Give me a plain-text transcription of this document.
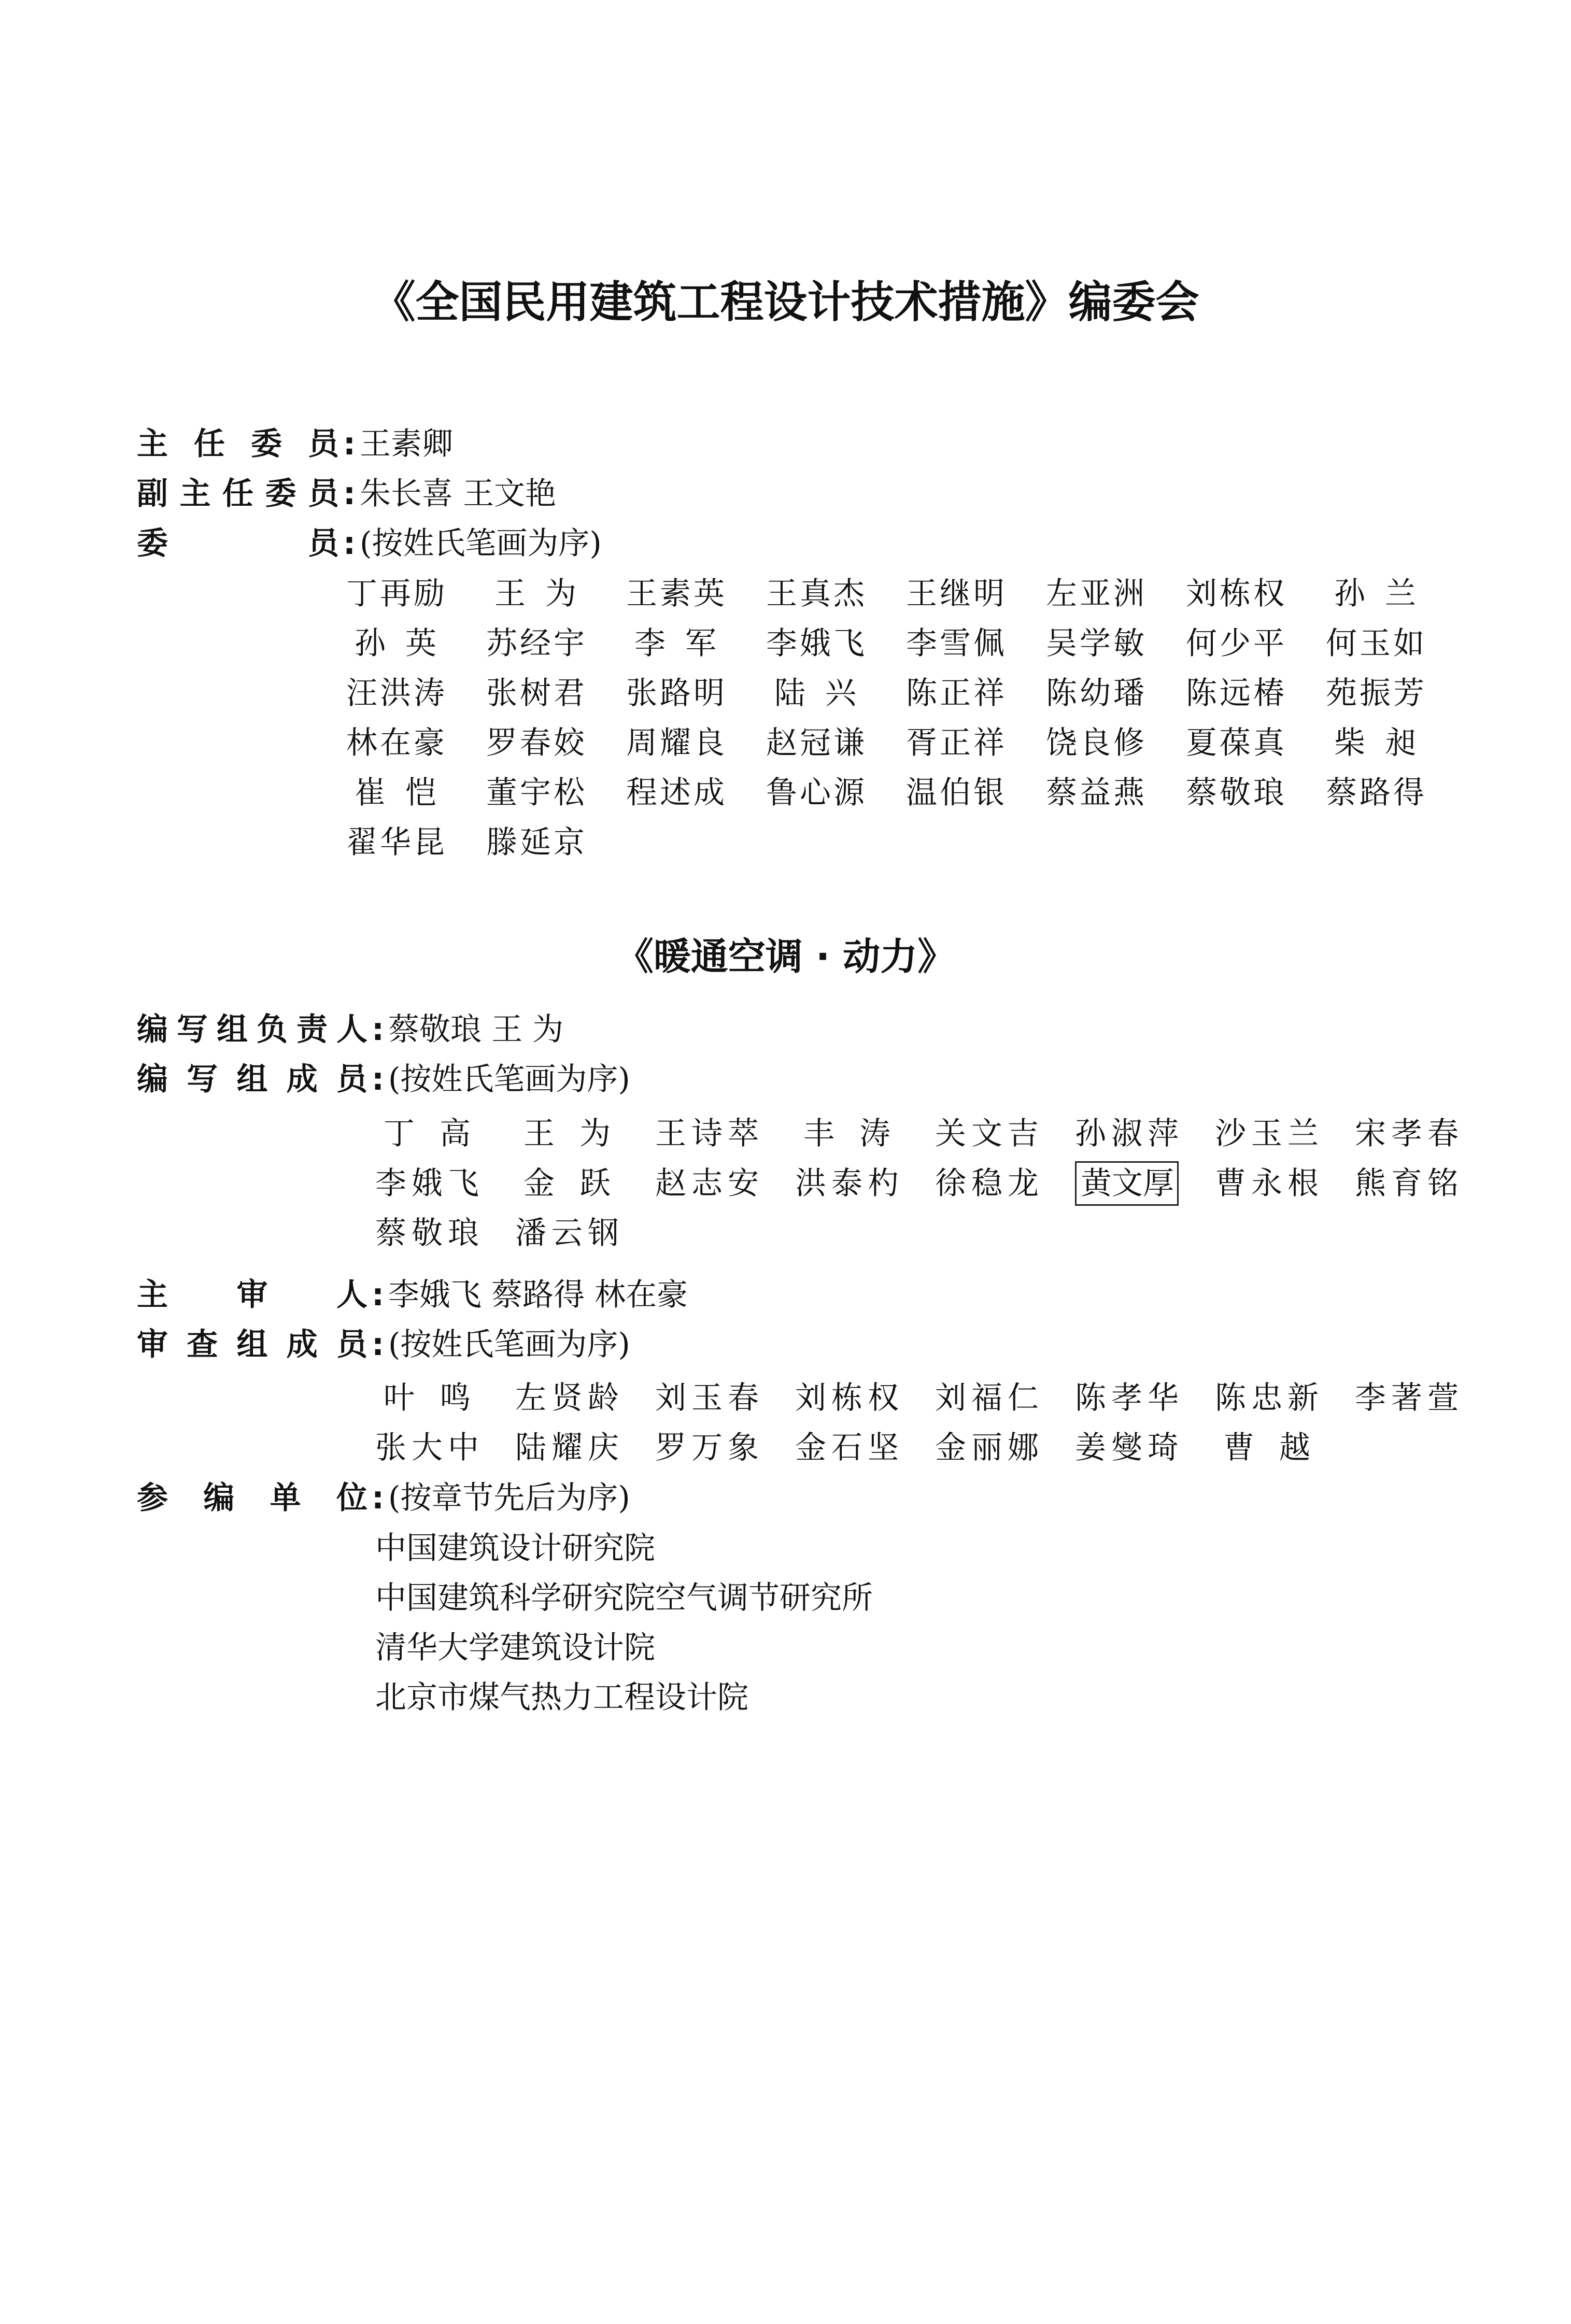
《全国民用建筑工程设计技术措施》编委会
主任委员 : 王素卿
副主任委员 : 朱长喜 王文艳
委员 : (按姓氏笔画为序)
丁再励	王为	王素英	王真杰	王继明	左亚洲	刘栋权	孙兰
孙英	苏经宇	李军	李娥飞	李雪佩	吴学敏	何少平	何玉如
汪洪涛	张树君	张路明	陆兴	陈正祥	陈幼璠	陈远椿	苑振芳
林在豪	罗春姣	周耀良	赵冠谦	胥正祥	饶良修	夏葆真	柴昶
崔恺	董宇松	程述成	鲁心源	温伯银	蔡益燕	蔡敬琅	蔡路得
翟华昆	滕延京
《暖通空调 · 动力》
编写组负责人 : 蔡敬琅 王 为
编写组成员 : (按姓氏笔画为序)
丁高	王为	王诗萃	丰涛	关文吉	孙淑萍	沙玉兰	宋孝春
李娥飞	金跃	赵志安	洪泰杓	徐稳龙	黄文厚	曹永根	熊育铭
蔡敬琅	潘云钢
主审人 : 李娥飞 蔡路得 林在豪
审查组成员 : (按姓氏笔画为序)
叶鸣	左贤龄	刘玉春	刘栋权	刘福仁	陈孝华	陈忠新	李著萱
张大中	陆耀庆	罗万象	金石坚	金丽娜	姜燮琦	曹越
参编单位 : (按章节先后为序)
中国建筑设计研究院
中国建筑科学研究院空气调节研究所
清华大学建筑设计院
北京市煤气热力工程设计院
